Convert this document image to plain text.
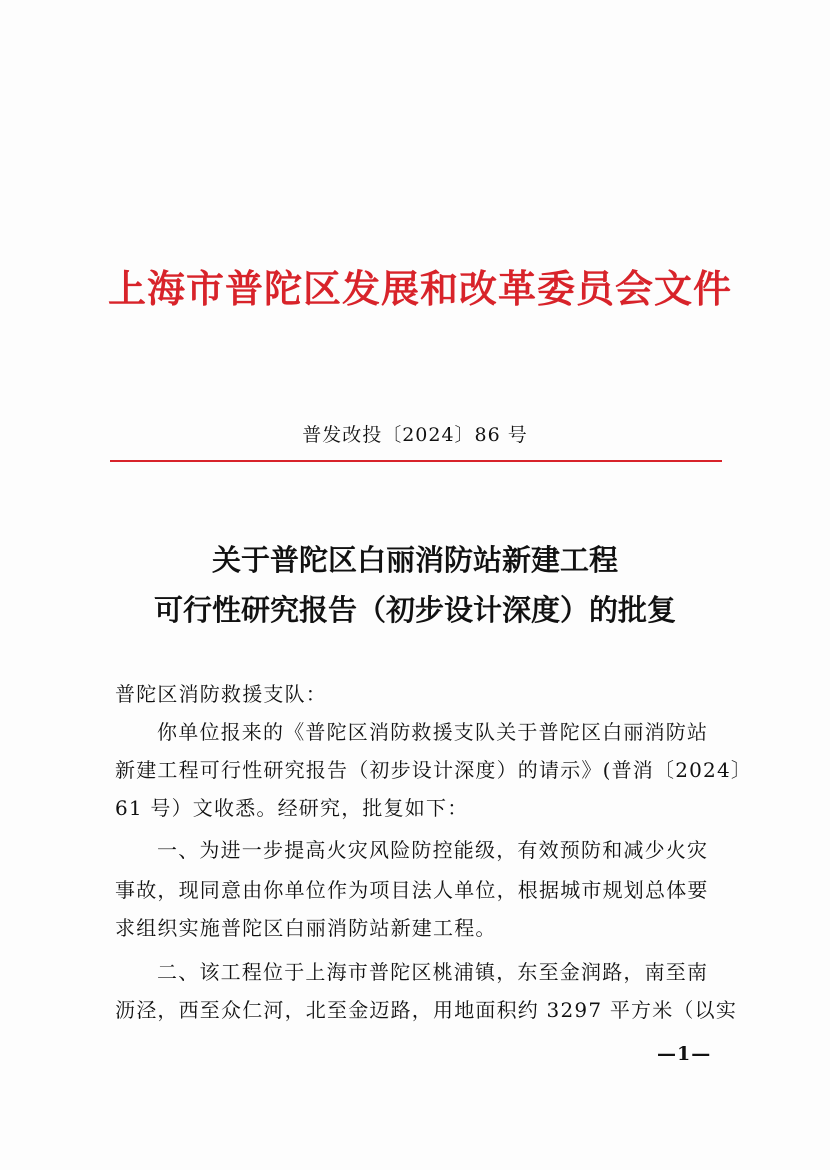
上海市普陀区发展和改革委员会文件
普发改投〔2024〕86 号
关于普陀区白丽消防站新建工程
可行性研究报告（初步设计深度）的批复
普陀区消防救援支队：
你单位报来的《普陀区消防救援支队关于普陀区白丽消防站
新建工程可行性研究报告（初步设计深度）的请示》(普消〔2024〕
61 号）文收悉。经研究，批复如下：
一、为进一步提高火灾风险防控能级，有效预防和减少火灾
事故，现同意由你单位作为项目法人单位，根据城市规划总体要
求组织实施普陀区白丽消防站新建工程。
二、该工程位于上海市普陀区桃浦镇，东至金润路，南至南
沥泾，西至众仁河，北至金迈路，用地面积约 3297 平方米（以实
—1—
